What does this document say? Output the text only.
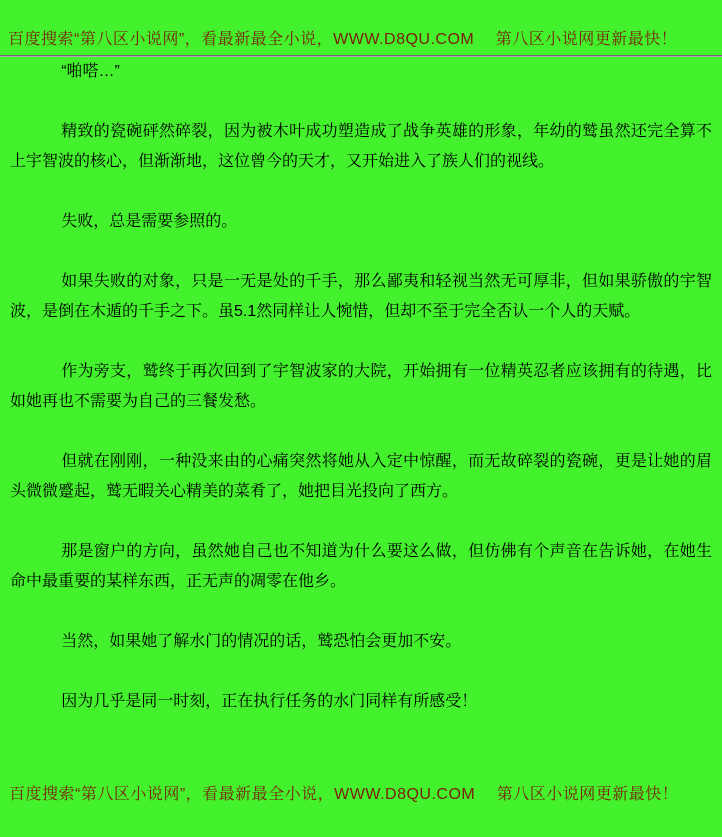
百度搜索“第八区小说网”，看最新最全小说，WWW.D8QU.COM　 第八区小说网更新最快！

“啪嗒…”

精致的瓷碗砰然碎裂，因为被木叶成功塑造成了战争英雄的形象，年幼的鹫虽然还完全算不上宇智波的核心，但渐渐地，这位曾今的天才，又开始进入了族人们的视线。

失败，总是需要参照的。

如果失败的对象，只是一无是处的千手，那么鄙夷和轻视当然无可厚非，但如果骄傲的宇智波，是倒在木遁的千手之下。虽5.1然同样让人惋惜，但却不至于完全否认一个人的天赋。

作为旁支，鹫终于再次回到了宇智波家的大院，开始拥有一位精英忍者应该拥有的待遇，比如她再也不需要为自己的三餐发愁。

但就在刚刚，一种没来由的心痛突然将她从入定中惊醒，而无故碎裂的瓷碗，更是让她的眉头微微蹙起，鹫无暇关心精美的菜肴了，她把目光投向了西方。

那是窗户的方向，虽然她自己也不知道为什么要这么做，但仿佛有个声音在告诉她，在她生命中最重要的某样东西，正无声的凋零在他乡。

当然，如果她了解水门的情况的话，鹫恐怕会更加不安。

因为几乎是同一时刻，正在执行任务的水门同样有所感受！

百度搜索“第八区小说网”，看最新最全小说，WWW.D8QU.COM　 第八区小说网更新最快！
